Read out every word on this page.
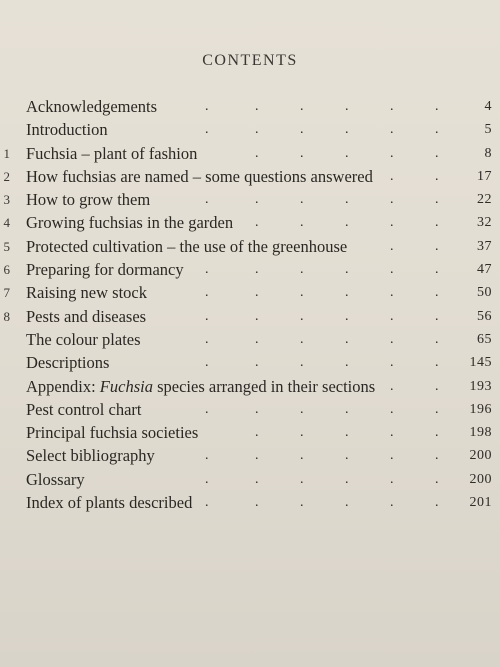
CONTENTS
Acknowledgements	.	.	.	.	.	.	4
Introduction	.	.	.	.	.	.	5
1 Fuchsia – plant of fashion	.	.	.	.	.	8
2 How fuchsias are named – some questions answered .	.	17
3 How to grow them	.	.	.	.	.	.	22
4 Growing fuchsias in the garden .	.	.	.	.	32
5 Protected cultivation – the use of the greenhouse	.	.	37
6 Preparing for dormancy .	.	.	.	.	.	47
7 Raising new stock	.	.	.	.	.	.	50
8 Pests and diseases	.	.	.	.	.	.	56
The colour plates	.	.	.	.	.	.	65
Descriptions	.	.	.	.	.	. 145
Appendix: Fuchsia species arranged in their sections .	. 193
Pest control chart	.	.	.	.	.	. 196
Principal fuchsia societies	.	.	.	.	. 198
Select bibliography	.	.	.	.	.	. 200
Glossary	.	.	.	.	.	. 200
Index of plants described .	.	.	.	.	. 201
